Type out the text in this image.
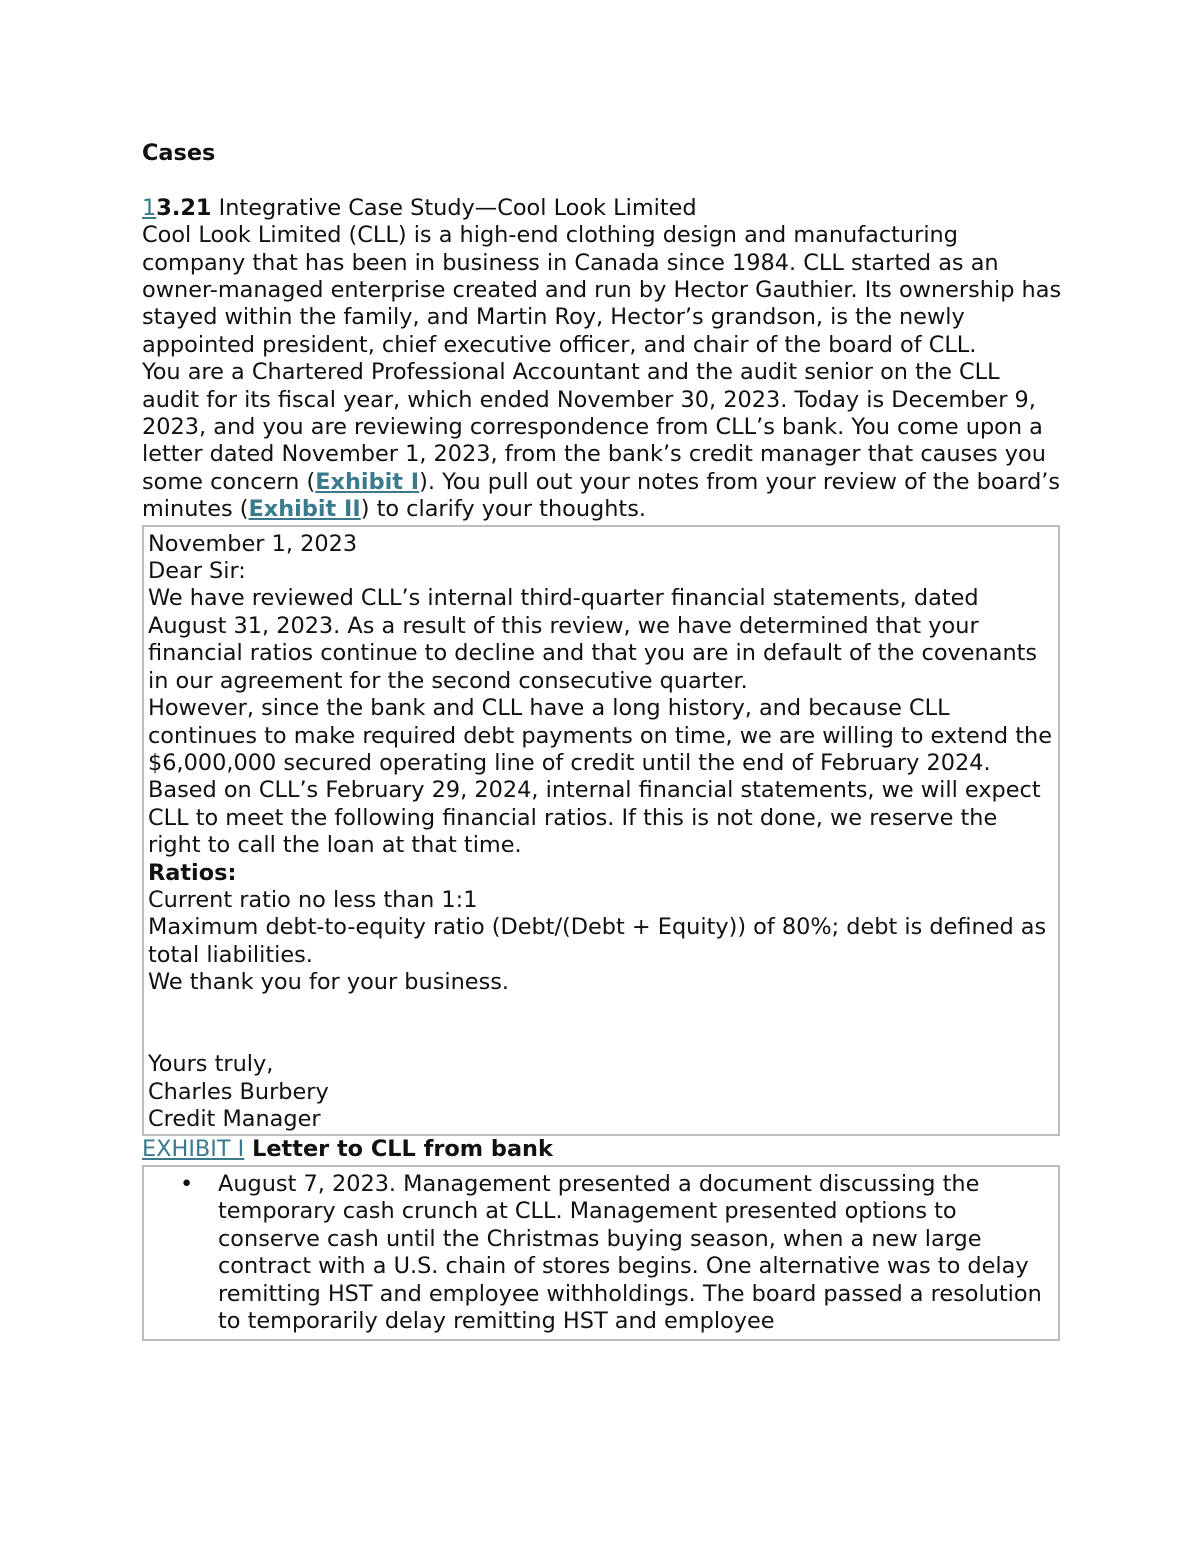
Cases

13.21 Integrative Case Study—Cool Look Limited

Cool Look Limited (CLL) is a high-end clothing design and manufacturing company that has been in business in Canada since 1984. CLL started as an owner-managed enterprise created and run by Hector Gauthier. Its ownership has stayed within the family, and Martin Roy, Hector’s grandson, is the newly appointed president, chief executive officer, and chair of the board of CLL.

You are a Chartered Professional Accountant and the audit senior on the CLL audit for its fiscal year, which ended November 30, 2023. Today is December 9, 2023, and you are reviewing correspondence from CLL’s bank. You come upon a letter dated November 1, 2023, from the bank’s credit manager that causes you some concern (Exhibit I). You pull out your notes from your review of the board’s minutes (Exhibit II) to clarify your thoughts.

November 1, 2023

Dear Sir:

We have reviewed CLL’s internal third-quarter financial statements, dated August 31, 2023. As a result of this review, we have determined that your financial ratios continue to decline and that you are in default of the covenants in our agreement for the second consecutive quarter.

However, since the bank and CLL have a long history, and because CLL continues to make required debt payments on time, we are willing to extend the $6,000,000 secured operating line of credit until the end of February 2024.

Based on CLL’s February 29, 2024, internal financial statements, we will expect CLL to meet the following financial ratios. If this is not done, we reserve the right to call the loan at that time.

Ratios:

Current ratio no less than 1:1

Maximum debt-to-equity ratio (Debt/(Debt + Equity)) of 80%; debt is defined as total liabilities.

We thank you for your business.

Yours truly,

Charles Burbery

Credit Manager

EXHIBIT I Letter to CLL from bank

• August 7, 2023. Management presented a document discussing the temporary cash crunch at CLL. Management presented options to conserve cash until the Christmas buying season, when a new large contract with a U.S. chain of stores begins. One alternative was to delay remitting HST and employee withholdings. The board passed a resolution to temporarily delay remitting HST and employee
